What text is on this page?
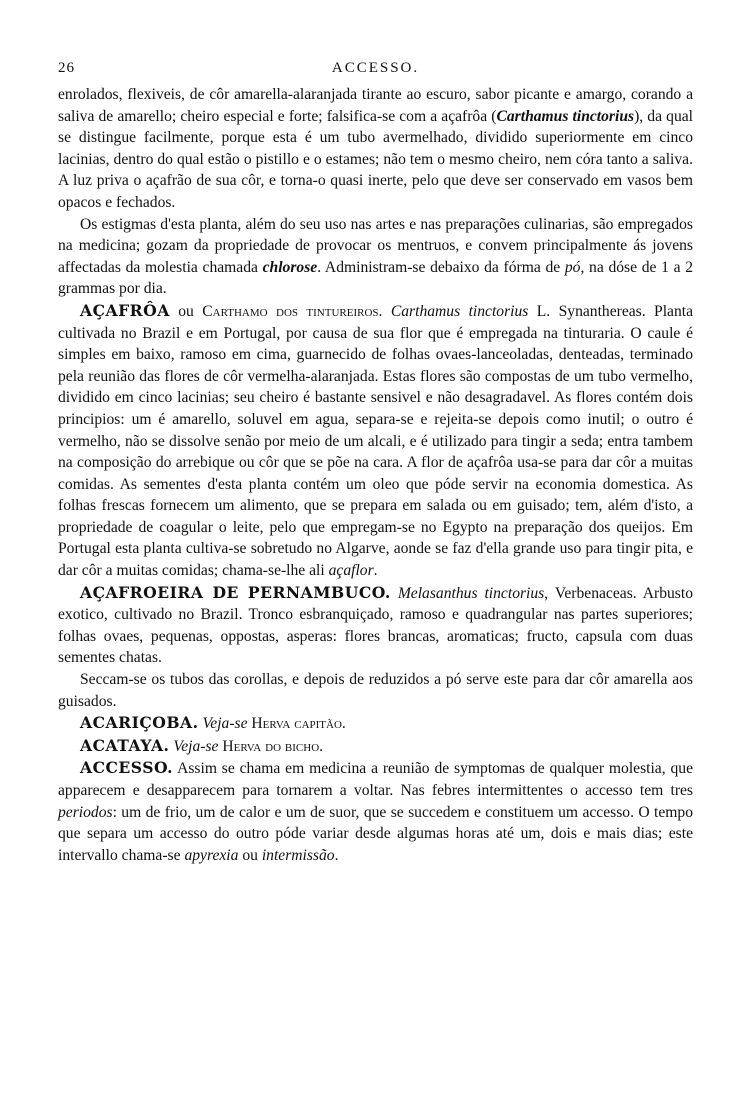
26	ACCESSO.

enrolados, flexiveis, de côr amarella-alaranjada tirante ao escuro, sabor picante e amargo, corando a saliva de amarello; cheiro especial e forte; falsifica-se com a açafrôa (Carthamus tinctorius), da qual se distingue facilmente, porque esta é um tubo avermelhado, dividido superiormente em cinco lacinias, dentro do qual estão o pistillo e o estames; não tem o mesmo cheiro, nem córa tanto a saliva. A luz priva o açafrão de sua côr, e torna-o quasi inerte, pelo que deve ser conservado em vasos bem opacos e fechados.

Os estigmas d'esta planta, além do seu uso nas artes e nas preparações culinarias, são empregados na medicina; gozam da propriedade de provocar os mentruos, e convem principalmente ás jovens affectadas da molestia chamada chlorose. Administram-se debaixo da fórma de pó, na dóse de 1 a 2 grammas por dia.

AÇAFRÔA ou Carthamo dos tintureiros. Carthamus tinctorius L. Synanthereas. Planta cultivada no Brazil e em Portugal, por causa de sua flor que é empregada na tinturaria. O caule é simples em baixo, ramoso em cima, guarnecido de folhas ovaes-lanceoladas, denteadas, terminado pela reunião das flores de côr vermelha-alaranjada. Estas flores são compostas de um tubo vermelho, dividido em cinco lacinias; seu cheiro é bastante sensivel e não desagradavel. As flores contém dois principios: um é amarello, soluvel em agua, separa-se e rejeita-se depois como inutil; o outro é vermelho, não se dissolve senão por meio de um alcali, e é utilizado para tingir a seda; entra tambem na composição do arrebique ou côr que se põe na cara. A flor de açafrôa usa-se para dar côr a muitas comidas. As sementes d'esta planta contém um oleo que póde servir na economia domestica. As folhas frescas fornecem um alimento, que se prepara em salada ou em guisado; tem, além d'isto, a propriedade de coagular o leite, pelo que empregam-se no Egypto na preparação dos queijos. Em Portugal esta planta cultiva-se sobretudo no Algarve, aonde se faz d'ella grande uso para tingir pita, e dar côr a muitas comidas; chama-se-lhe ali açaflor.

AÇAFROEIRA DE PERNAMBUCO. Melasanthus tinctorius, Verbenaceas. Arbusto exotico, cultivado no Brazil. Tronco esbranquiçado, ramoso e quadrangular nas partes superiores; folhas ovaes, pequenas, oppostas, asperas: flores brancas, aromaticas; fructo, capsula com duas sementes chatas.

Seccam-se os tubos das corollas, e depois de reduzidos a pó serve este para dar côr amarella aos guisados.

ACARIÇOBA. Veja-se Herva capitão.

ACATAYA. Veja-se Herva do bicho.

ACCESSO. Assim se chama em medicina a reunião de symptomas de qualquer molestia, que apparecem e desapparecem para tornarem a voltar. Nas febres intermittentes o accesso tem tres periodos: um de frio, um de calor e um de suor, que se succedem e constituem um accesso. O tempo que separa um accesso do outro póde variar desde algumas horas até um, dois e mais dias; este intervallo chama-se apyrexia ou intermissão.
